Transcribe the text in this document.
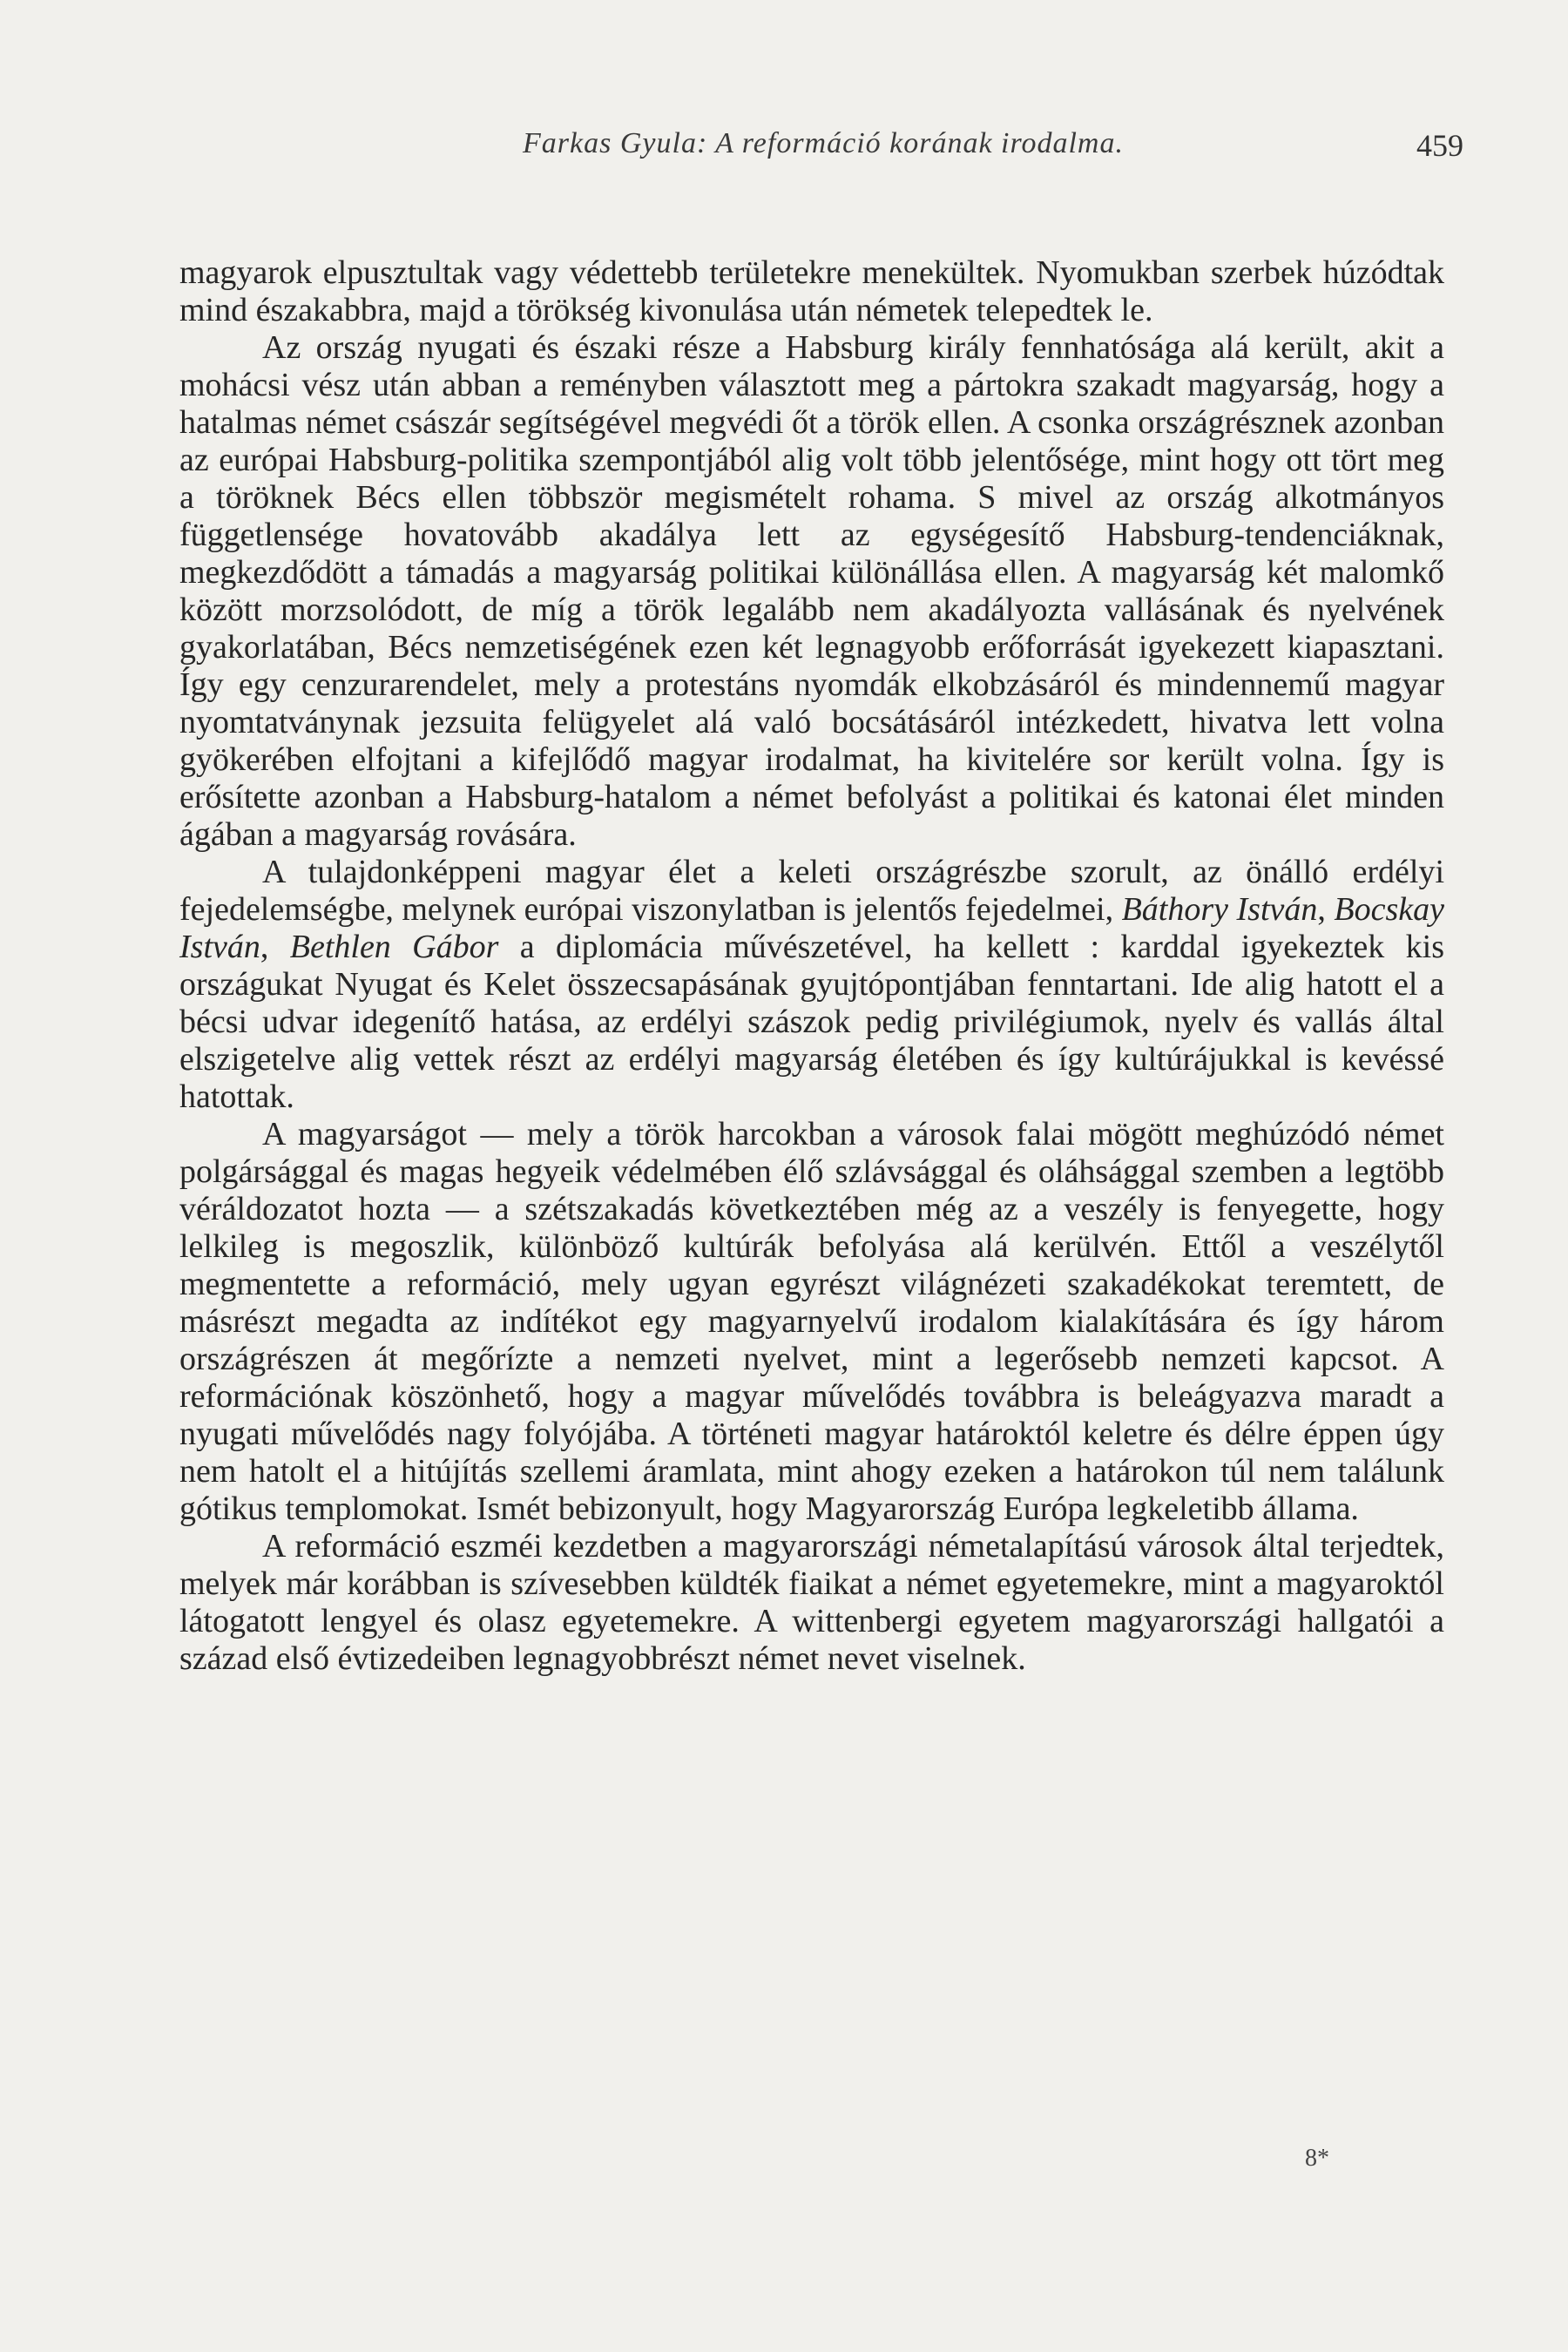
Farkas Gyula: A reformáció korának irodalma.	459

magyarok elpusztultak vagy védettebb területekre menekültek. Nyomukban szerbek húzódtak mind északabbra, majd a törökség kivonulása után németek telepedtek le.

Az ország nyugati és északi része a Habsburg király fennhatósága alá került, akit a mohácsi vész után abban a reményben választott meg a pártokra szakadt magyarság, hogy a hatalmas német császár segítségével megvédi őt a török ellen. A csonka országrésznek azonban az európai Habsburg-politika szempontjából alig volt több jelentősége, mint hogy ott tört meg a töröknek Bécs ellen többször megismételt rohama. S mivel az ország alkotmányos függetlensége hovatovább akadálya lett az egységesítő Habsburg-tendenciáknak, megkezdődött a támadás a magyarság politikai különállása ellen. A magyarság két malomkő között morzsolódott, de míg a török legalább nem akadályozta vallásának és nyelvének gyakorlatában, Bécs nemzetiségének ezen két legnagyobb erőforrását igyekezett kiapasztani. Így egy cenzurarendelet, mely a protestáns nyomdák elkobzásáról és mindennemű magyar nyomtatványnak jezsuita felügyelet alá való bocsátásáról intézkedett, hivatva lett volna gyökerében elfojtani a kifejlődő magyar irodalmat, ha kivitelére sor került volna. Így is erősítette azonban a Habsburg-hatalom a német befolyást a politikai és katonai élet minden ágában a magyarság rovására.

A tulajdonképpeni magyar élet a keleti országrészbe szorult, az önálló erdélyi fejedelemségbe, melynek európai viszonylatban is jelentős fejedelmei, Báthory István, Bocskay István, Bethlen Gábor a diplomácia művészetével, ha kellett : karddal igyekeztek kis országukat Nyugat és Kelet összecsapásának gyujtópontjában fenntartani. Ide alig hatott el a bécsi udvar idegenítő hatása, az erdélyi szászok pedig privilégiumok, nyelv és vallás által elszigetelve alig vettek részt az erdélyi magyarság életében és így kultúrájukkal is kevéssé hatottak.

A magyarságot — mely a török harcokban a városok falai mögött meghúzódó német polgársággal és magas hegyeik védelmében élő szlávsággal és oláhsággal szemben a legtöbb véráldozatot hozta — a szétszakadás következtében még az a veszély is fenyegette, hogy lelkileg is megoszlik, különböző kultúrák befolyása alá kerülvén. Ettől a veszélytől megmentette a reformáció, mely ugyan egyrészt világnézeti szakadékokat teremtett, de másrészt megadta az indítékot egy magyarnyelvű irodalom kialakítására és így három országrészen át megőrízte a nemzeti nyelvet, mint a legerősebb nemzeti kapcsot. A reformációnak köszönhető, hogy a magyar művelődés továbbra is beleágyazva maradt a nyugati művelődés nagy folyójába. A történeti magyar határoktól keletre és délre éppen úgy nem hatolt el a hitújítás szellemi áramlata, mint ahogy ezeken a határokon túl nem találunk gótikus templomokat. Ismét bebizonyult, hogy Magyarország Európa legkeletibb állama.

A reformáció eszméi kezdetben a magyarországi németalapítású városok által terjedtek, melyek már korábban is szívesebben küldték fiaikat a német egyetemekre, mint a magyaroktól látogatott lengyel és olasz egyetemekre. A wittenbergi egyetem magyarországi hallgatói a század első évtizedeiben legnagyobbrészt német nevet viselnek.

8*
